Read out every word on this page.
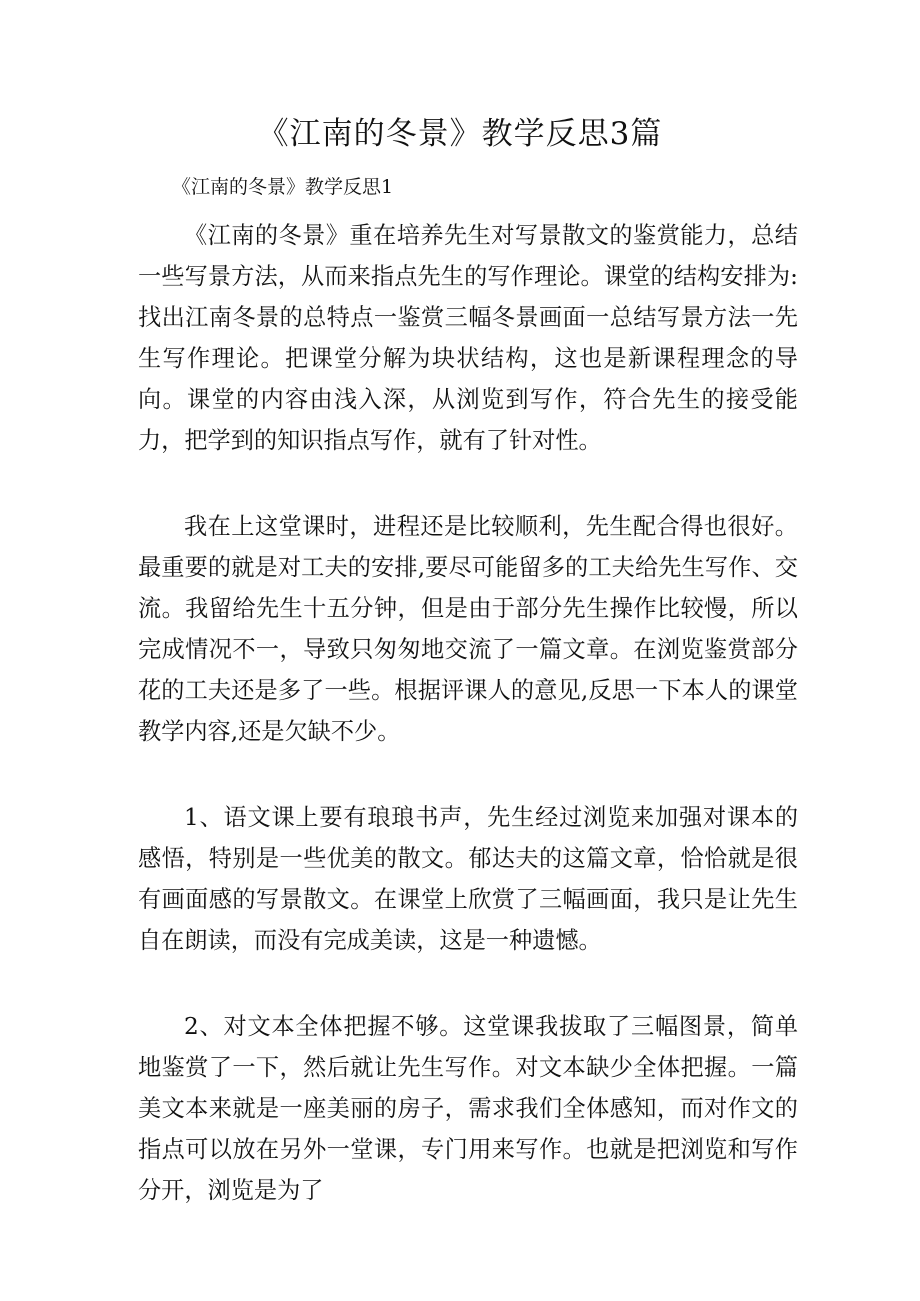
《江南的冬景》教学反思3篇

《江南的冬景》教学反思1

《江南的冬景》重在培养先生对写景散文的鉴赏能力，总结一些写景方法，从而来指点先生的写作理论。课堂的结构安排为:找出江南冬景的总特点一鉴赏三幅冬景画面一总结写景方法一先生写作理论。把课堂分解为块状结构，这也是新课程理念的导向。课堂的内容由浅入深，从浏览到写作，符合先生的接受能力，把学到的知识指点写作，就有了针对性。

我在上这堂课时，进程还是比较顺利，先生配合得也很好。最重要的就是对工夫的安排,要尽可能留多的工夫给先生写作、交流。我留给先生十五分钟，但是由于部分先生操作比较慢，所以完成情况不一，导致只匆匆地交流了一篇文章。在浏览鉴赏部分花的工夫还是多了一些。根据评课人的意见,反思一下本人的课堂教学内容,还是欠缺不少。

1、语文课上要有琅琅书声，先生经过浏览来加强对课本的感悟，特别是一些优美的散文。郁达夫的这篇文章，恰恰就是很有画面感的写景散文。在课堂上欣赏了三幅画面，我只是让先生自在朗读，而没有完成美读，这是一种遗憾。

2、对文本全体把握不够。这堂课我拔取了三幅图景，简单地鉴赏了一下，然后就让先生写作。对文本缺少全体把握。一篇美文本来就是一座美丽的房子，需求我们全体感知，而对作文的指点可以放在另外一堂课，专门用来写作。也就是把浏览和写作分开，浏览是为了
